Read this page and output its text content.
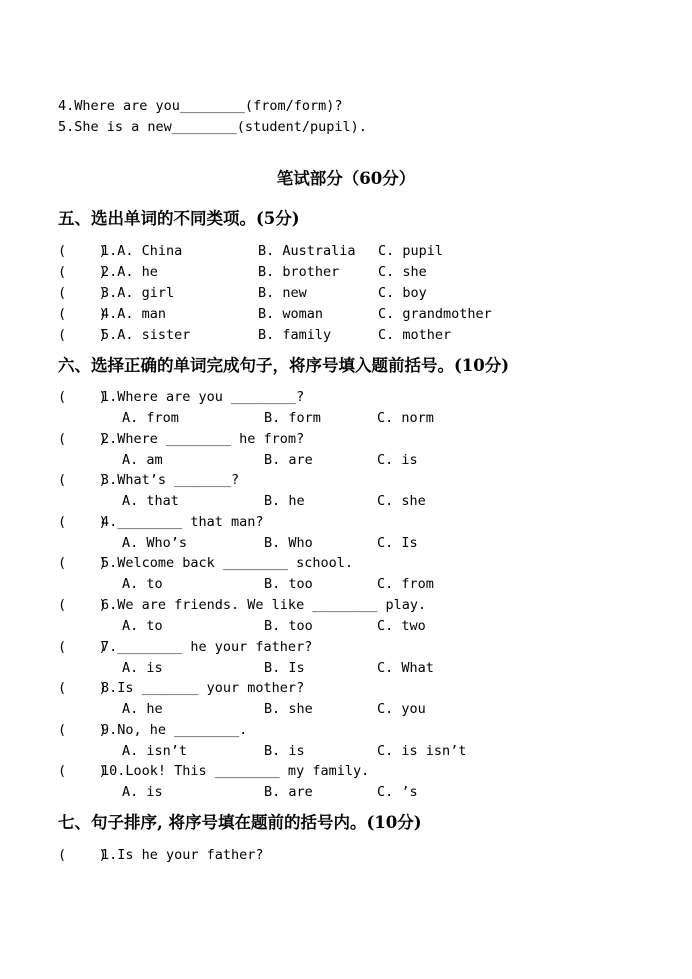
4.Where are you________(from/form)?
5.She is a new________(student/pupil).
笔试部分（60分）
五、选出单词的不同类项。(5分)
(    )
1.A. China	B. Australia C. pupil
(    )
2.A. he	B. brother	C. she
(    )
3.A. girl	B. new	C. boy
(    )
4.A. man	B. woman	C. grandmother
(    )
5.A. sister	B. family	C. mother
六、选择正确的单词完成句子，将序号填入题前括号。(10分)
(    )
1.Where are you ________?
A. from	B. form	C. norm
(    )
2.Where ________ he from?
A. am	B. are	C. is
(    )
3.What’s _______?
A. that	B. he	C. she
(    )
4.________ that man?
A. Who’s	B. Who	C. Is
(    )
5.Welcome back ________ school.
A. to	B. too	C. from
(    )
6.We are friends. We like ________ play.
A. to	B. too	C. two
(    )
7.________ he your father?
A. is	B. Is	C. What
(    )
8.Is _______ your mother?
A. he	B. she	C. you
(    )
9.No, he ________.
A. isn’t	B. is	C. is isn’t
(    )
10.Look! This ________ my family.
A. is	B. are	C. ’s
七、句子排序, 将序号填在题前的括号内。(10分)
(    )
1.Is he your father?
